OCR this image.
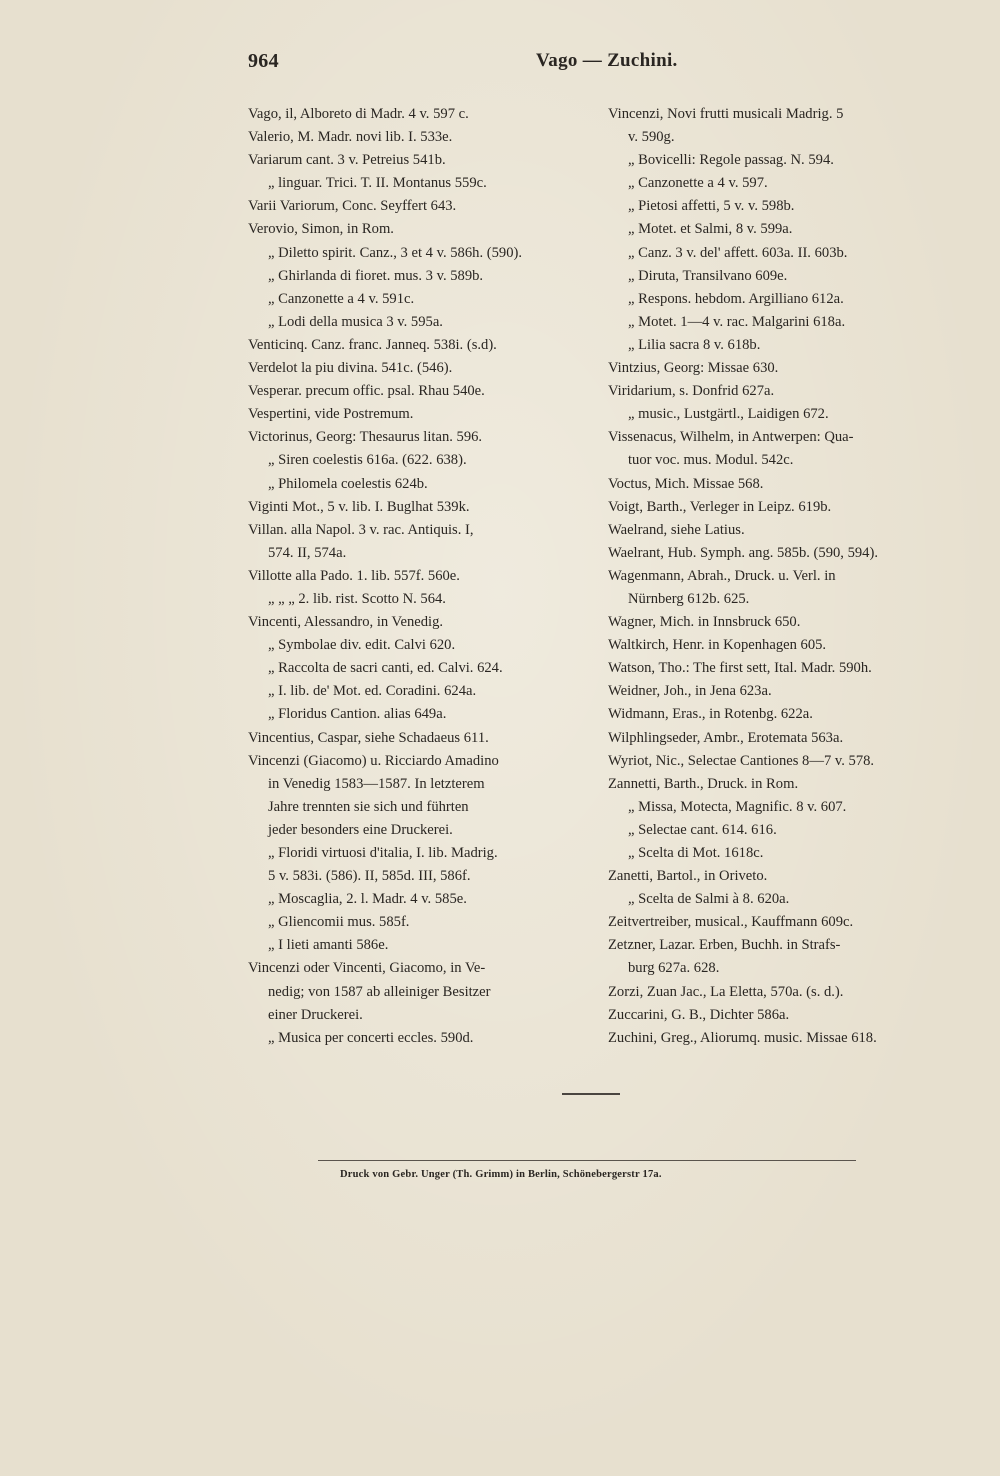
964	Vago — Zuchini.
Vago, il, Alboreto di Madr. 4 v. 597 c.
Valerio, M. Madr. novi lib. I. 533e.
Variarum cant. 3 v. Petreius 541b.
„ linguar. Trici. T. II. Montanus 559c.
Varii Variorum, Conc. Seyffert 643.
Verovio, Simon, in Rom.
„ Diletto spirit. Canz., 3 et 4 v. 586h. (590).
„ Ghirlanda di fioret. mus. 3 v. 589b.
„ Canzonette a 4 v. 591c.
„ Lodi della musica 3 v. 595a.
Venticinq. Canz. franc. Janneq. 538i. (s.d).
Verdelot la piu divina. 541c. (546).
Vesperar. precum offic. psal. Rhau 540e.
Vespertini, vide Postremum.
Victorinus, Georg: Thesaurus litan. 596.
„ Siren coelestis 616a. (622. 638).
„ Philomela coelestis 624b.
Viginti Mot., 5 v. lib. I. Buglhat 539k.
Villan. alla Napol. 3 v. rac. Antiquis. I,
574. II, 574a.
Villotte alla Pado. 1. lib. 557f. 560e.
„ „ „ 2. lib. rist. Scotto N. 564.
Vincenti, Alessandro, in Venedig.
„ Symbolae div. edit. Calvi 620.
„ Raccolta de sacri canti, ed. Calvi. 624.
„ I. lib. de' Mot. ed. Coradini. 624a.
„ Floridus Cantion. alias 649a.
Vincentius, Caspar, siehe Schadaeus 611.
Vincenzi (Giacomo) u. Ricciardo Amadino
in Venedig 1583—1587. In letzterem
Jahre trennten sie sich und führten
jeder besonders eine Druckerei.
„ Floridi virtuosi d'italia, I. lib. Madrig.
5 v. 583i. (586). II, 585d. III, 586f.
„ Moscaglia, 2. l. Madr. 4 v. 585e.
„ Gliencomii mus. 585f.
„ I lieti amanti 586e.
Vincenzi oder Vincenti, Giacomo, in Ve-
nedig; von 1587 ab alleiniger Besitzer
einer Druckerei.
„ Musica per concerti eccles. 590d.
Vincenzi, Novi frutti musicali Madrig. 5
v. 590g.
„ Bovicelli: Regole passag. N. 594.
„ Canzonette a 4 v. 597.
„ Pietosi affetti, 5 v. v. 598b.
„ Motet. et Salmi, 8 v. 599a.
„ Canz. 3 v. del' affett. 603a. II. 603b.
„ Diruta, Transilvano 609e.
„ Respons. hebdom. Argilliano 612a.
„ Motet. 1—4 v. rac. Malgarini 618a.
„ Lilia sacra 8 v. 618b.
Vintzius, Georg: Missae 630.
Viridarium, s. Donfrid 627a.
„ music., Lustgärtl., Laidigen 672.
Vissenacus, Wilhelm, in Antwerpen: Qua-
tuor voc. mus. Modul. 542c.
Voctus, Mich. Missae 568.
Voigt, Barth., Verleger in Leipz. 619b.
Waelrand, siehe Latius.
Waelrant, Hub. Symph. ang. 585b. (590, 594).
Wagenmann, Abrah., Druck. u. Verl. in
Nürnberg 612b. 625.
Wagner, Mich. in Innsbruck 650.
Waltkirch, Henr. in Kopenhagen 605.
Watson, Tho.: The first sett, Ital. Madr. 590h.
Weidner, Joh., in Jena 623a.
Widmann, Eras., in Rotenbg. 622a.
Wilphlingseder, Ambr., Erotemata 563a.
Wyriot, Nic., Selectae Cantiones 8—7 v. 578.
Zannetti, Barth., Druck. in Rom.
„ Missa, Motecta, Magnific. 8 v. 607.
„ Selectae cant. 614. 616.
„ Scelta di Mot. 1618c.
Zanetti, Bartol., in Oriveto.
„ Scelta de Salmi à 8. 620a.
Zeitvertreiber, musical., Kauffmann 609c.
Zetzner, Lazar. Erben, Buchh. in Strafs-
burg 627a. 628.
Zorzi, Zuan Jac., La Eletta, 570a. (s. d.).
Zuccarini, G. B., Dichter 586a.
Zuchini, Greg., Aliorumq. music. Missae 618.
Druck von Gebr. Unger (Th. Grimm) in Berlin, Schönebergerstr 17a.
